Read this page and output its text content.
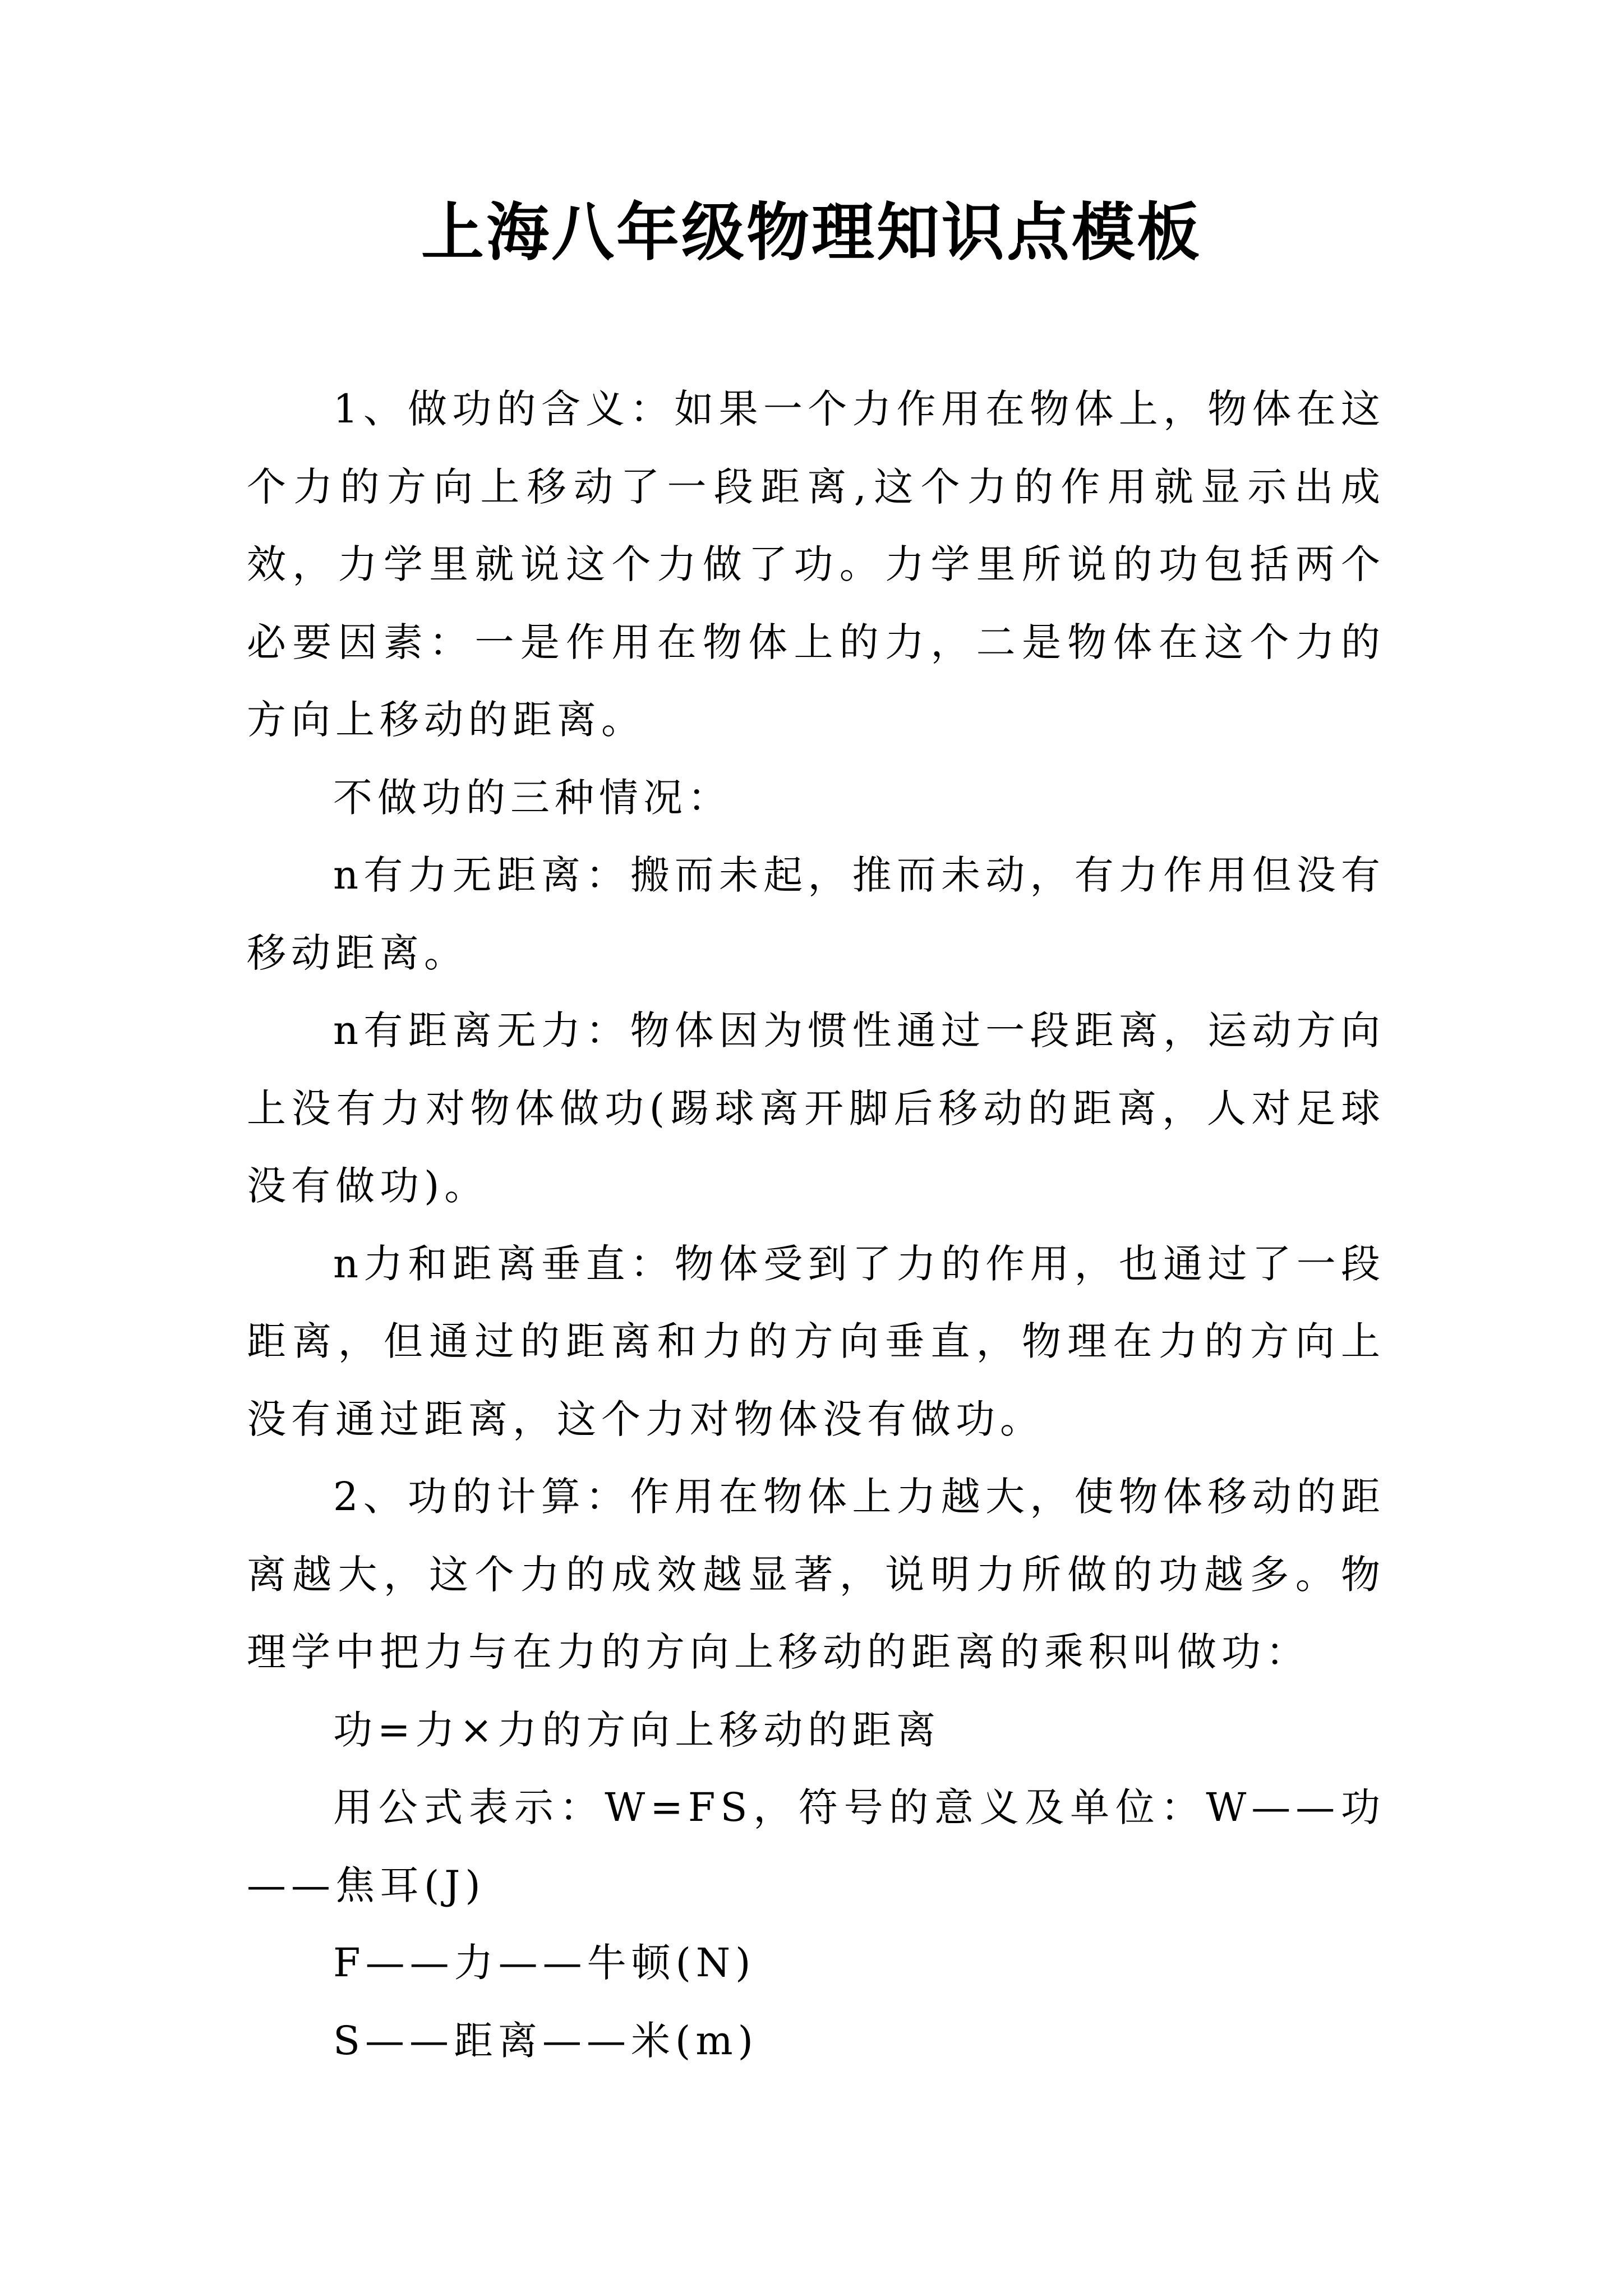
上海八年级物理知识点模板

1、做功的含义：如果一个力作用在物体上，物体在这个力的方向上移动了一段距离,这个力的作用就显示出成效，力学里就说这个力做了功。力学里所说的功包括两个必要因素：一是作用在物体上的力，二是物体在这个力的方向上移动的距离。

不做功的三种情况：

n有力无距离：搬而未起，推而未动，有力作用但没有移动距离。

n有距离无力：物体因为惯性通过一段距离，运动方向上没有力对物体做功(踢球离开脚后移动的距离，人对足球没有做功)。

n力和距离垂直：物体受到了力的作用，也通过了一段距离，但通过的距离和力的方向垂直，物理在力的方向上没有通过距离，这个力对物体没有做功。

2、功的计算：作用在物体上力越大，使物体移动的距离越大，这个力的成效越显著，说明力所做的功越多。物理学中把力与在力的方向上移动的距离的乘积叫做功：

功=力×力的方向上移动的距离

用公式表示：W=FS，符号的意义及单位：W——功——焦耳(J)

F——力——牛顿(N)

S——距离——米(m)
